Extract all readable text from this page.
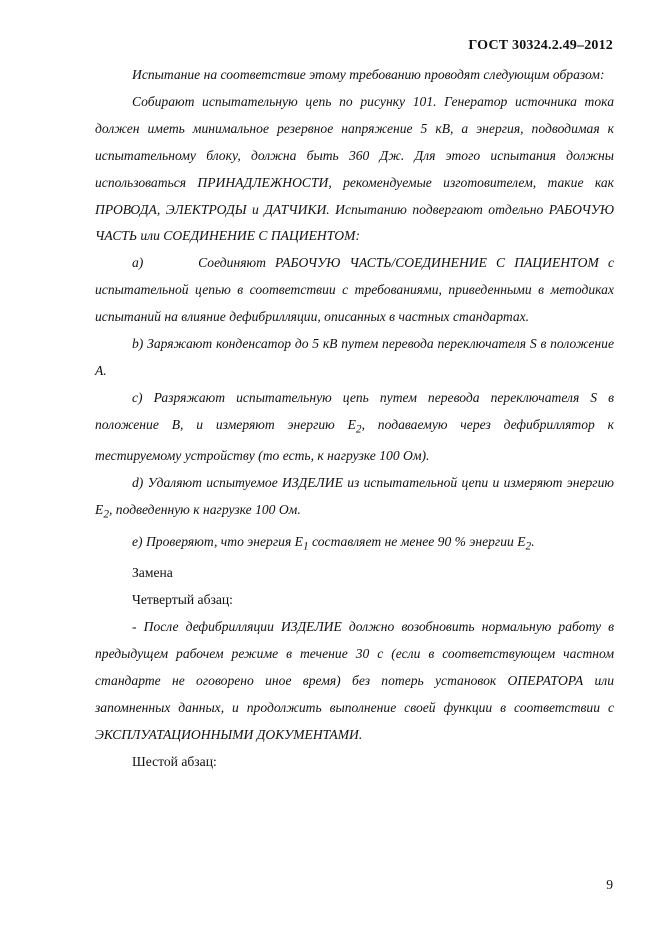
ГОСТ 30324.2.49–2012

Испытание на соответствие этому требованию проводят следующим образом:

Собирают испытательную цепь по рисунку 101. Генератор источника тока должен иметь минимальное резервное напряжение 5 кВ, а энергия, подводимая к испытательному блоку, должна быть 360 Дж. Для этого испытания должны использоваться ПРИНАДЛЕЖНОСТИ, рекомендуемые изготовителем, такие как ПРОВОДА, ЭЛЕКТРОДЫ и ДАТЧИКИ. Испытанию подвергают отдельно РАБОЧУЮ ЧАСТЬ или СОЕДИНЕНИЕ С ПАЦИЕНТОМ:

a)      Соединяют РАБОЧУЮ ЧАСТЬ/СОЕДИНЕНИЕ С ПАЦИЕНТОМ с испытательной цепью в соответствии с требованиями, приведенными в методиках испытаний на влияние дефибрилляции, описанных в частных стандартах.

b) Заряжают конденсатор до 5 кВ путем перевода переключателя S в положение А.

c) Разряжают испытательную цепь путем перевода переключателя S в положение В, и измеряют энергию $E_2$, подаваемую через дефибриллятор к тестируемому устройству (то есть, к нагрузке 100 Ом).

d) Удаляют испытуемое ИЗДЕЛИЕ из испытательной цепи и измеряют энергию $E_2$, подведенную к нагрузке 100 Ом.

e) Проверяют, что энергия $E_1$ составляет не менее 90 % энергии $E_2$.

Замена

Четвертый абзац:

- После дефибрилляции ИЗДЕЛИЕ должно возобновить нормальную работу в предыдущем рабочем режиме в течение 30 с (если в соответствующем частном стандарте не оговорено иное время) без потерь установок ОПЕРАТОРА или запомненных данных, и продолжить выполнение своей функции в соответствии с ЭКСПЛУАТАЦИОННЫМИ ДОКУМЕНТАМИ.

Шестой абзац:

9
